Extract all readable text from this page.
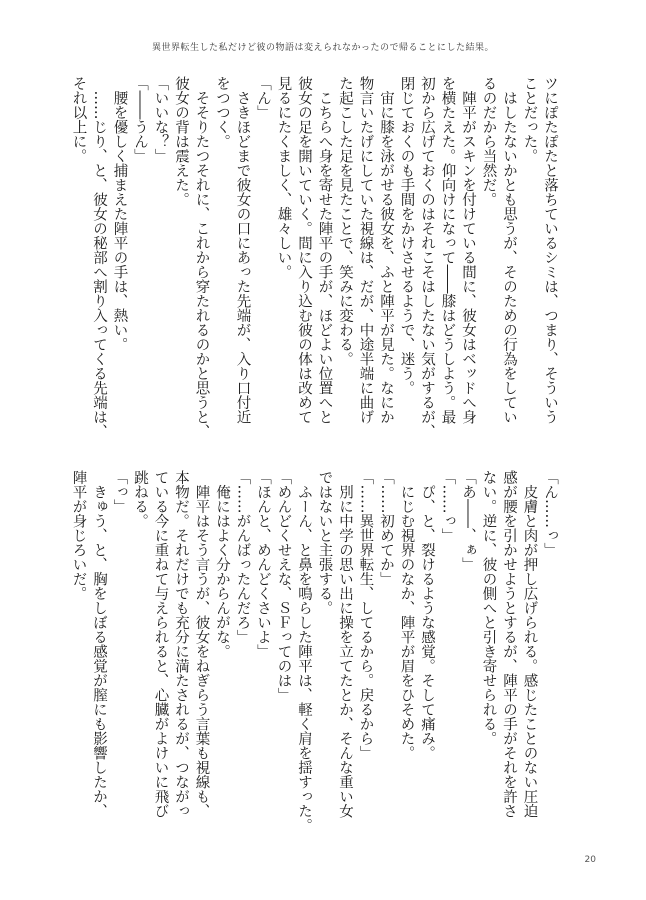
異世界転生した私だけど彼の物語は変えられなかったので帰ることにした結果。
ツにぽたぽたと落ちているシミは、つまり、そういう
ことだった。
　はしたないかとも思うが、そのための行為をしてい
るのだから当然だ。
　陣平がスキンを付けている間に、彼女はベッドへ身
を横たえた。仰向けになって――膝はどうしよう。最
初から広げておくのはそれこそはしたない気がするが、
閉じておくのも手間をかけさせるようで、迷う。
　宙に膝を泳がせる彼女を、ふと陣平が見た。なにか
物言いたげにしていた視線は、だが、中途半端に曲げ
た起こした足を見たことで、笑みに変わる。
　こちらへ身を寄せた陣平の手が、ほどよい位置へと
彼女の足を開いていく。間に入り込む彼の体は改めて
見るにたくましく、雄々しい。
「ん」
　さきほどまで彼女の口にあった先端が、入り口付近
をつつく。
　そそりたつそれに、これから穿たれるのかと思うと、
彼女の背は震えた。
「いいな？」
「――うん」
　腰を優しく捕まえた陣平の手は、熱い。
　……じり、と、彼女の秘部へ割り入ってくる先端は、
それ以上に。
「ん……っ」
　皮膚と肉が押し広げられる。感じたことのない圧迫
感が腰を引かせようとするが、陣平の手がそれを許さ
ない。逆に、彼の側へと引き寄せられる。
「あ――、ぁ」
「……っ」
　ぴ、と、裂けるような感覚。そして痛み。
　にじむ視界のなか、陣平が眉をひそめた。
「……初めてか」
「……異世界転生、してるから。戻るから」
　別に中学の思い出に操を立てたとか、そんな重い女
ではないと主張する。
　ふーん、と鼻を鳴らした陣平は、軽く肩を揺すった。
「めんどくせえな、ＳＦってのは」
「ほんと、めんどくさいよ」
「……がんばったんだろ」
　俺にはよく分からんがな。
　陣平はそう言うが、彼女をねぎらう言葉も視線も、
本物だ。それだけでも充分に満たされるが、つながっ
ている今に重ねて与えられると、心臓がよけいに飛び
跳ねる。
「っ」
　きゅう、と、胸をしぼる感覚が膣にも影響したか、
陣平が身じろいだ。
20
